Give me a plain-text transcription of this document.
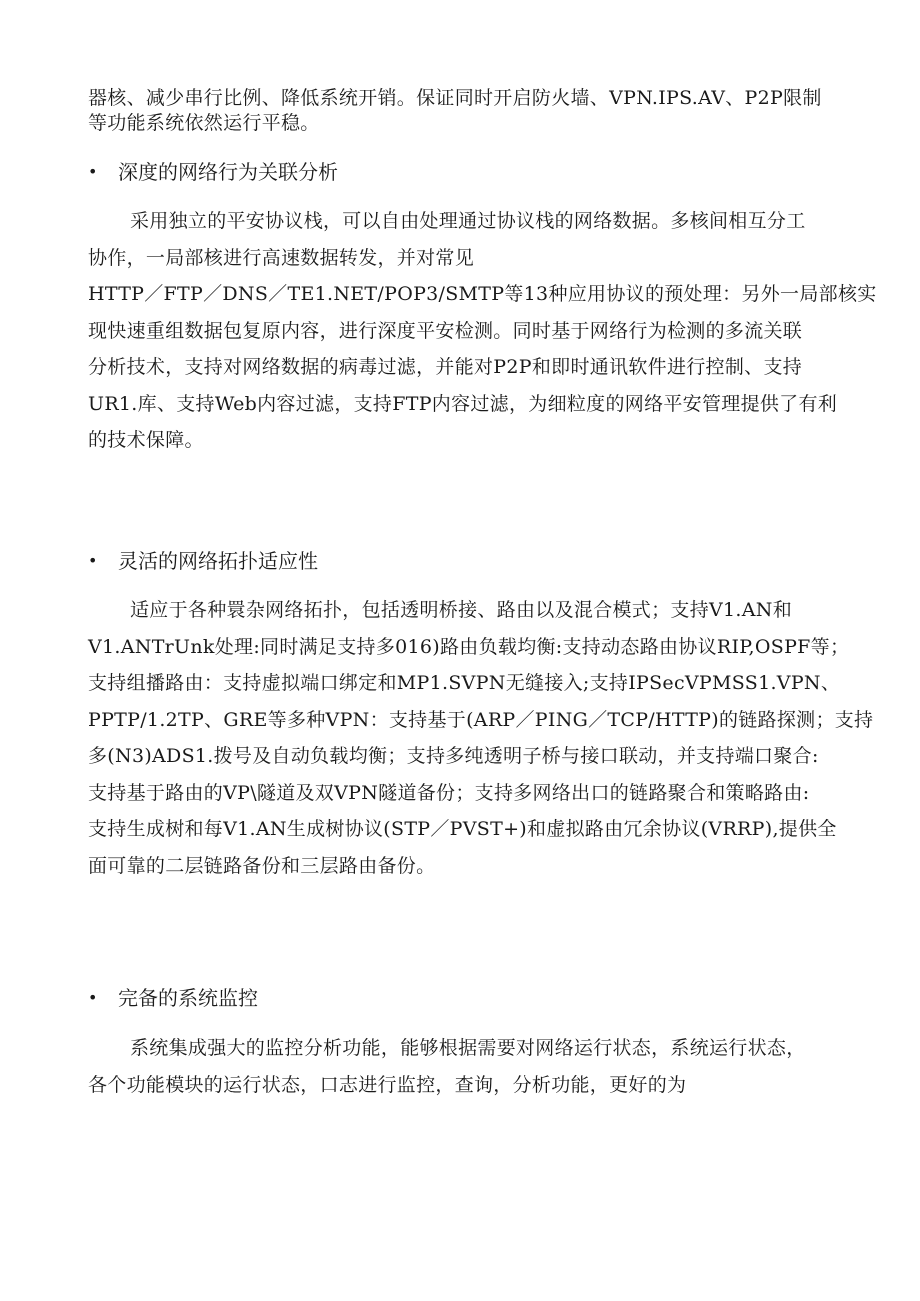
器核、减少串行比例、降低系统开销。保证同时开启防火墙、VPN.IPS.AV、P2P限制
等功能系统依然运行平稳。

•	深度的网络行为关联分析

采用独立的平安协议栈，可以自由处理通过协议栈的网络数据。多核间相互分工
协作，一局部核进行高速数据转发，并对常见
HTTP／FTP／DNS／TE1.NET/POP3/SMTP等13种应用协议的预处理：另外一局部核实
现快速重组数据包复原内容，进行深度平安检测。同时基于网络行为检测的多流关联
分析技术，支持对网络数据的病毒过滤，并能对P2P和即时通讯软件进行控制、支持
UR1.库、支持Web内容过滤，支持FTP内容过滤，为细粒度的网络平安管理提供了有利
的技术保障。

•	灵活的网络拓扑适应性

适应于各种睘杂网络拓扑，包括透明桥接、路由以及混合模式；支持V1.AN和
V1.ANTrUnk处理:同时满足支持多016)路由负载均衡:支持动态路由协议RIP,OSPF等；
支持组播路由：支持虚拟端口绑定和MP1.SVPN无缝接入;支持IPSecVPMSS1.VPN、
PPTP/1.2TP、GRE等多种VPN：支持基于(ARP／PING／TCP/HTTP)的链路探测；支持
多(N3)ADS1.拨号及自动负载均衡；支持多纯透明子桥与接口联动，并支持端口聚合:
支持基于路由的VP\隧道及双VPN隧道备份；支持多网络出口的链路聚合和策略路由:
支持生成树和每V1.AN生成树协议(STP／PVST+)和虚拟路由冗余协议(VRRP),提供全
面可靠的二层链路备份和三层路由备份。

•	完备的系统监控

系统集成强大的监控分析功能，能够根据需要对网络运行状态，系统运行状态，
各个功能模块的运行状态，口志进行监控，查询，分析功能，更好的为
